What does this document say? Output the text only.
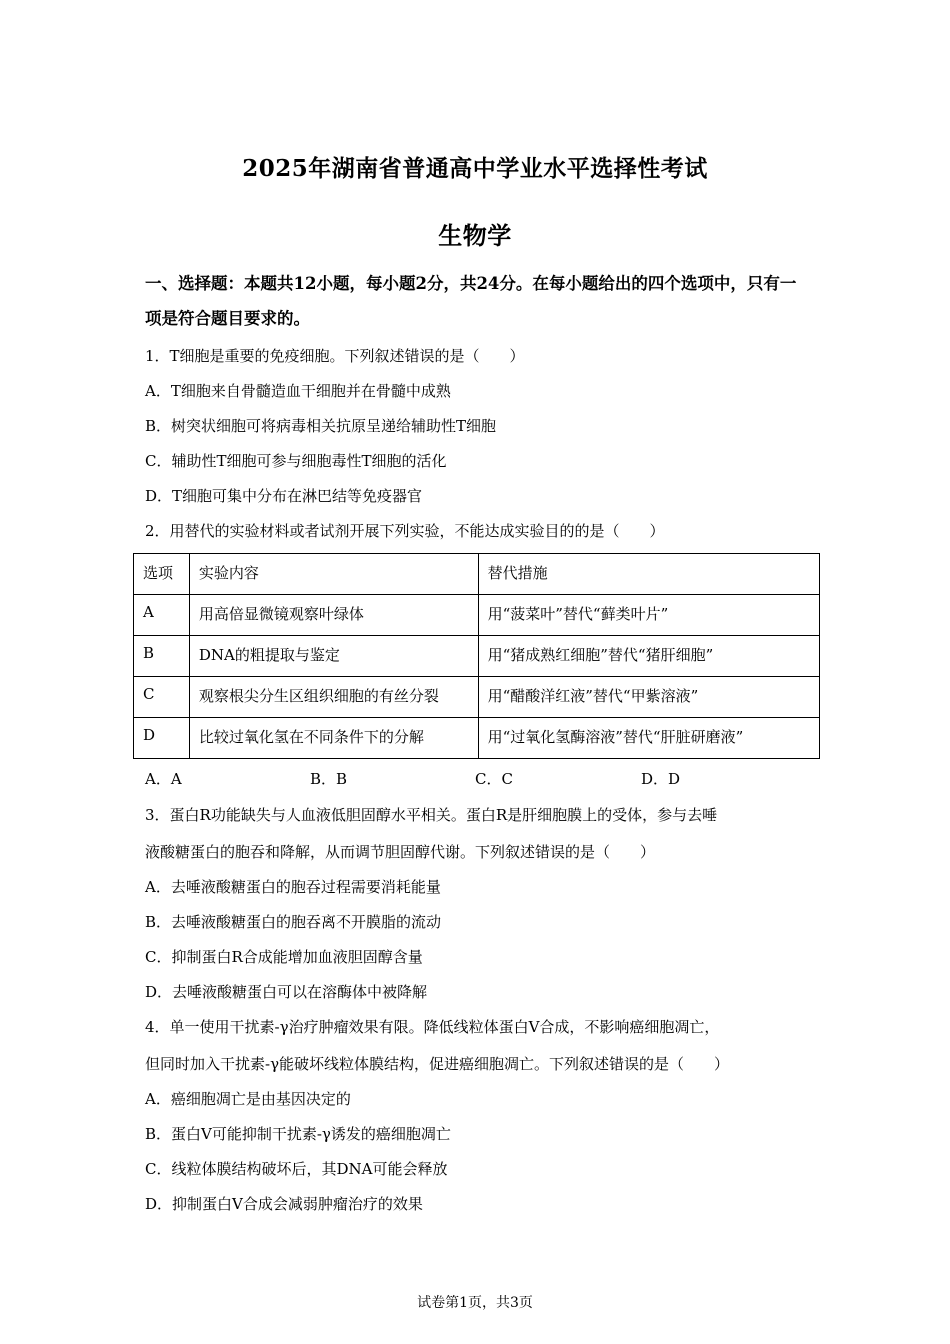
2025年湖南省普通高中学业水平选择性考试
生物学
一、选择题：本题共12小题，每小题2分，共24分。在每小题给出的四个选项中，只有一项是符合题目要求的。
1．T细胞是重要的免疫细胞。下列叙述错误的是（　　）
A．T细胞来自骨髓造血干细胞并在骨髓中成熟
B．树突状细胞可将病毒相关抗原呈递给辅助性T细胞
C．辅助性T细胞可参与细胞毒性T细胞的活化
D．T细胞可集中分布在淋巴结等免疫器官
2．用替代的实验材料或者试剂开展下列实验，不能达成实验目的的是（　　）
选项	实验内容	替代措施
A	用高倍显微镜观察叶绿体	用“菠菜叶”替代“藓类叶片”
B	DNA的粗提取与鉴定	用“猪成熟红细胞”替代“猪肝细胞”
C	观察根尖分生区组织细胞的有丝分裂	用“醋酸洋红液”替代“甲紫溶液”
D	比较过氧化氢在不同条件下的分解	用“过氧化氢酶溶液”替代“肝脏研磨液”
A．A	B．B	C．C	D．D
3．蛋白R功能缺失与人血液低胆固醇水平相关。蛋白R是肝细胞膜上的受体，参与去唾
液酸糖蛋白的胞吞和降解，从而调节胆固醇代谢。下列叙述错误的是（　　）
A．去唾液酸糖蛋白的胞吞过程需要消耗能量
B．去唾液酸糖蛋白的胞吞离不开膜脂的流动
C．抑制蛋白R合成能增加血液胆固醇含量
D．去唾液酸糖蛋白可以在溶酶体中被降解
4．单一使用干扰素-γ治疗肿瘤效果有限。降低线粒体蛋白V合成，不影响癌细胞凋亡，
但同时加入干扰素-γ能破坏线粒体膜结构，促进癌细胞凋亡。下列叙述错误的是（　　）
A．癌细胞凋亡是由基因决定的
B．蛋白V可能抑制干扰素-γ诱发的癌细胞凋亡
C．线粒体膜结构破坏后，其DNA可能会释放
D．抑制蛋白V合成会减弱肿瘤治疗的效果
试卷第1页，共3页
